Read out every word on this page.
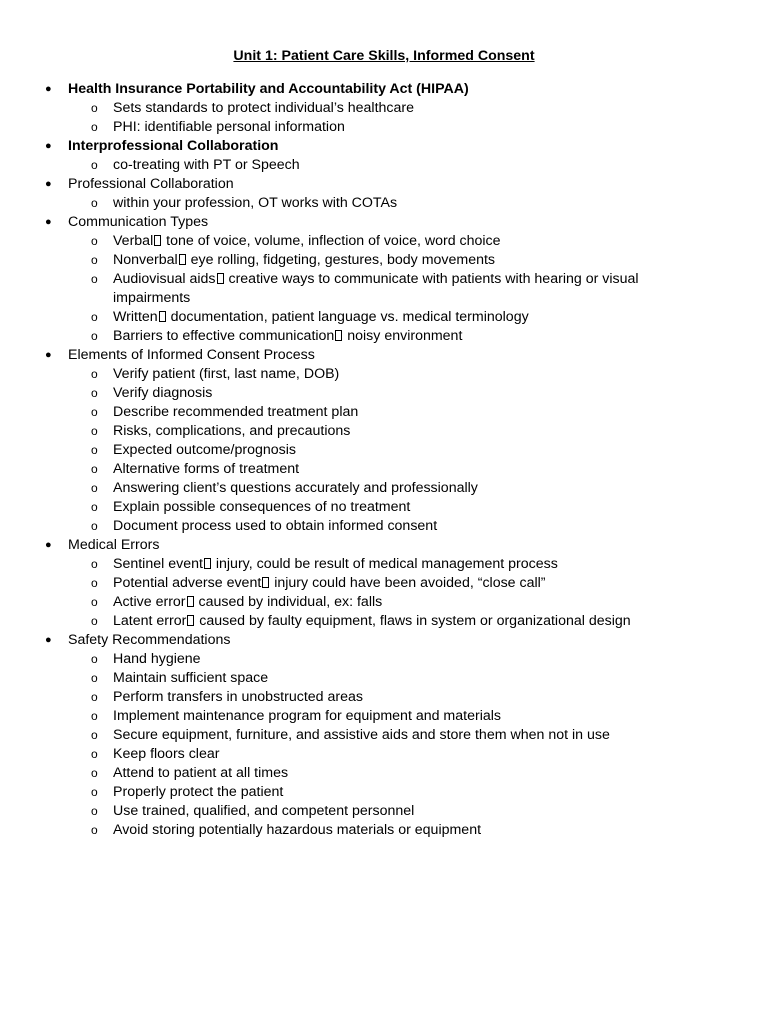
Unit 1: Patient Care Skills, Informed Consent
● Health Insurance Portability and Accountability Act (HIPAA)
o Sets standards to protect individual’s healthcare
o PHI: identifiable personal information
● Interprofessional Collaboration
o co-treating with PT or Speech
● Professional Collaboration
o within your profession, OT works with COTAs
● Communication Types
o Verbal tone of voice, volume, inflection of voice, word choice
o Nonverbal eye rolling, fidgeting, gestures, body movements
o Audiovisual aids creative ways to communicate with patients with hearing or visual impairments
o Written documentation, patient language vs. medical terminology
o Barriers to effective communication noisy environment
● Elements of Informed Consent Process
o Verify patient (first, last name, DOB)
o Verify diagnosis
o Describe recommended treatment plan
o Risks, complications, and precautions
o Expected outcome/prognosis
o Alternative forms of treatment
o Answering client’s questions accurately and professionally
o Explain possible consequences of no treatment
o Document process used to obtain informed consent
● Medical Errors
o Sentinel event injury, could be result of medical management process
o Potential adverse event injury could have been avoided, “close call”
o Active error caused by individual, ex: falls
o Latent error caused by faulty equipment, flaws in system or organizational design
● Safety Recommendations
o Hand hygiene
o Maintain sufficient space
o Perform transfers in unobstructed areas
o Implement maintenance program for equipment and materials
o Secure equipment, furniture, and assistive aids and store them when not in use
o Keep floors clear
o Attend to patient at all times
o Properly protect the patient
o Use trained, qualified, and competent personnel
o Avoid storing potentially hazardous materials or equipment
